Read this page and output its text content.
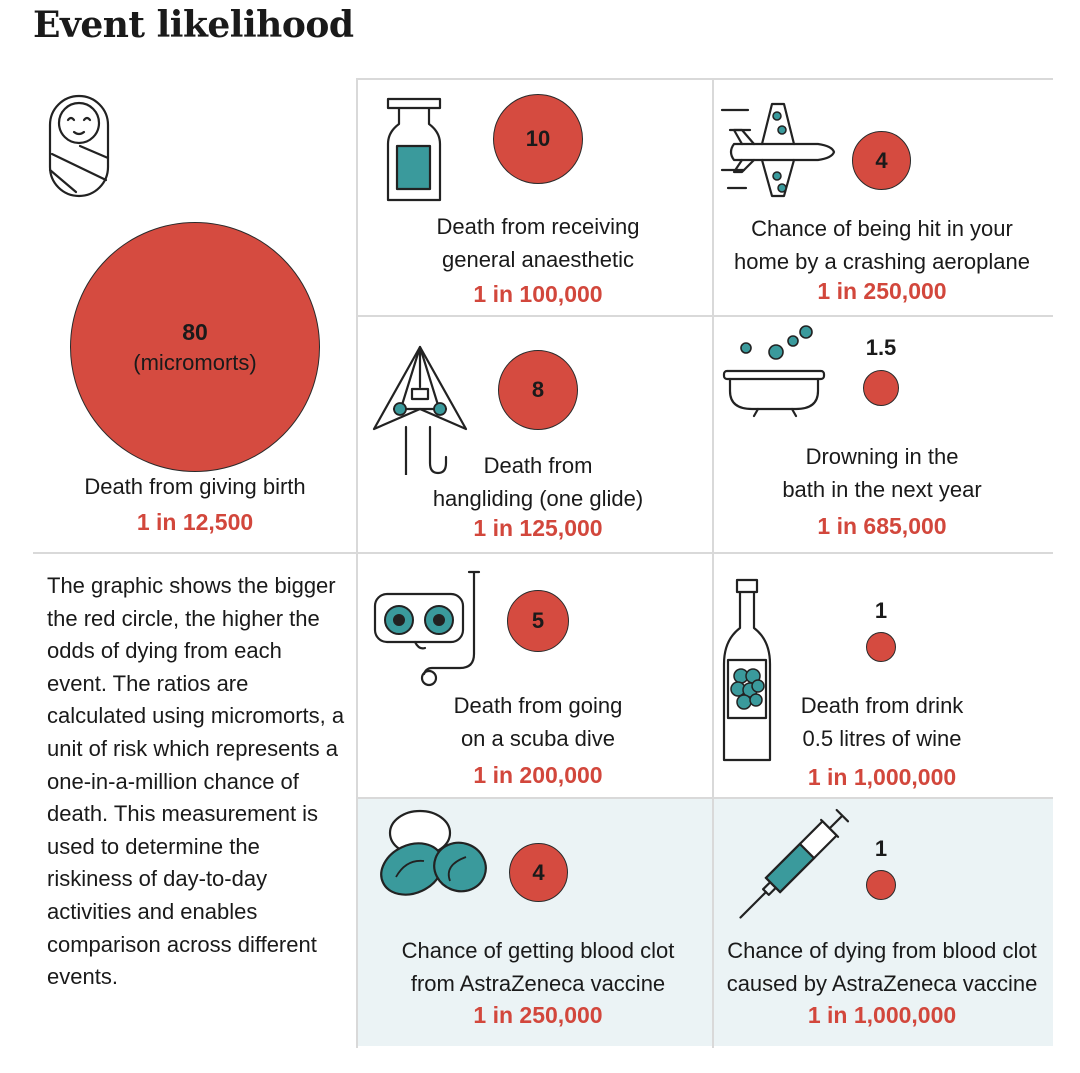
Event likelihood
The graphic shows the bigger the red circle, the higher the odds of dying from each event. The ratios are calculated using micromorts, a unit of risk which represents a one-in-a-million chance of death. This measurement is used to determine the riskiness of day-to-day activities and enables comparison across different events.
80
(micromorts)
10
4
8
1.5
5	1
4
1
Death from giving birth
1 in 12,500
Death from receiving
general anaesthetic
1 in 100,000
Chance of being hit in your
home by a crashing aeroplane
1 in 250,000
Death from
hangliding (one glide)
1 in 125,000
Drowning in the
bath in the next year
1 in 685,000
Death from going
on a scuba dive
1 in 200,000
Death from drink
0.5 litres of wine
1 in 1,000,000
Chance of getting blood clot
from AstraZeneca vaccine
1 in 250,000
Chance of dying from blood clot
caused by AstraZeneca vaccine
1 in 1,000,000
